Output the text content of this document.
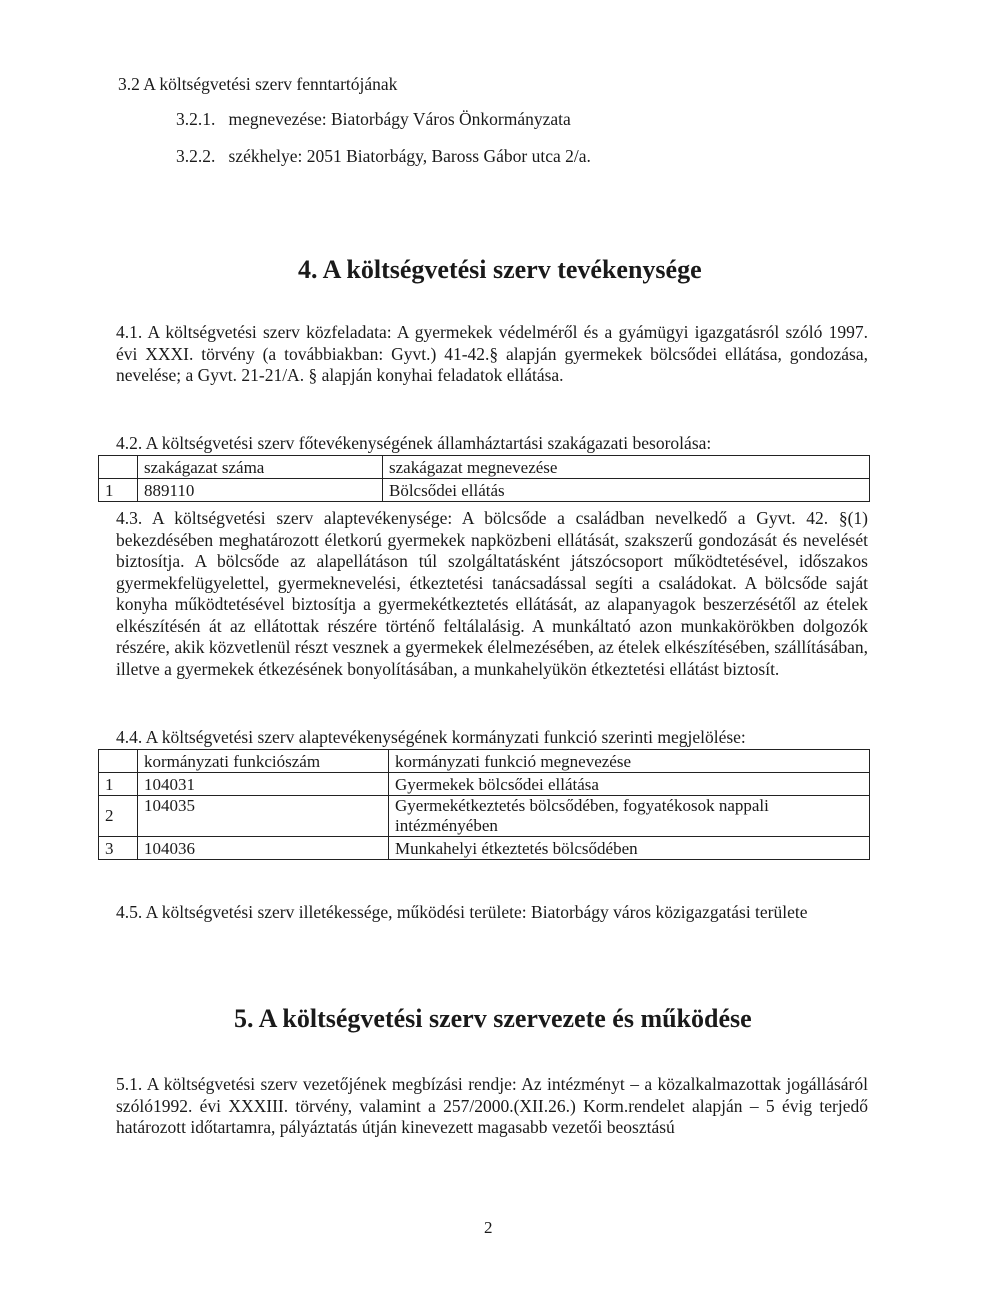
3.2 A költségvetési szerv fenntartójának
3.2.1.   megnevezése: Biatorbágy Város Önkormányzata
3.2.2.   székhelye: 2051 Biatorbágy, Baross Gábor utca 2/a.
4. A költségvetési szerv tevékenysége

4.1. A költségvetési szerv közfeladata: A gyermekek védelméről és a gyámügyi igazgatásról szóló 1997. évi XXXI. törvény (a továbbiakban: Gyvt.) 41-42.§ alapján gyermekek bölcsődei ellátása, gondozása, nevelése; a Gyvt. 21-21/A. § alapján konyhai feladatok ellátása.

4.2. A költségvetési szerv főtevékenységének államháztartási szakágazati besorolása:
	szakágazat száma	szakágazat megnevezése
1	889110	Bölcsődei ellátás

4.3. A költségvetési szerv alaptevékenysége: A bölcsőde a családban nevelkedő a Gyvt. 42. §(1) bekezdésében meghatározott életkorú gyermekek napközbeni ellátását, szakszerű gondozását és nevelését biztosítja. A bölcsőde az alapellátáson túl szolgáltatásként játszócsoport működtetésével, időszakos gyermekfelügyelettel, gyermeknevelési, étkeztetési tanácsadással segíti a családokat. A bölcsőde saját konyha működtetésével biztosítja a gyermekétkeztetés ellátását, az alapanyagok beszerzésétől az ételek elkészítésén át az ellátottak részére történő feltálalásig. A munkáltató azon munkakörökben dolgozók részére, akik közvetlenül részt vesznek a gyermekek élelmezésében, az ételek elkészítésében, szállításában, illetve a gyermekek étkezésének bonyolításában, a munkahelyükön étkeztetési ellátást biztosít.

4.4. A költségvetési szerv alaptevékenységének kormányzati funkció szerinti megjelölése:
	kormányzati funkciószám	kormányzati funkció megnevezése
1	104031	Gyermekek bölcsődei ellátása
2	104035	Gyermekétkeztetés bölcsődében, fogyatékosok nappali intézményében
3	104036	Munkahelyi étkeztetés bölcsődében

4.5. A költségvetési szerv illetékessége, működési területe: Biatorbágy város közigazgatási területe

5. A költségvetési szerv szervezete és működése

5.1. A költségvetési szerv vezetőjének megbízási rendje: Az intézményt – a közalkalmazottak jogállásáról szóló1992. évi XXXIII. törvény, valamint a 257/2000.(XII.26.) Korm.rendelet alapján – 5 évig terjedő határozott időtartamra, pályáztatás útján kinevezett magasabb vezetői beosztású

2
